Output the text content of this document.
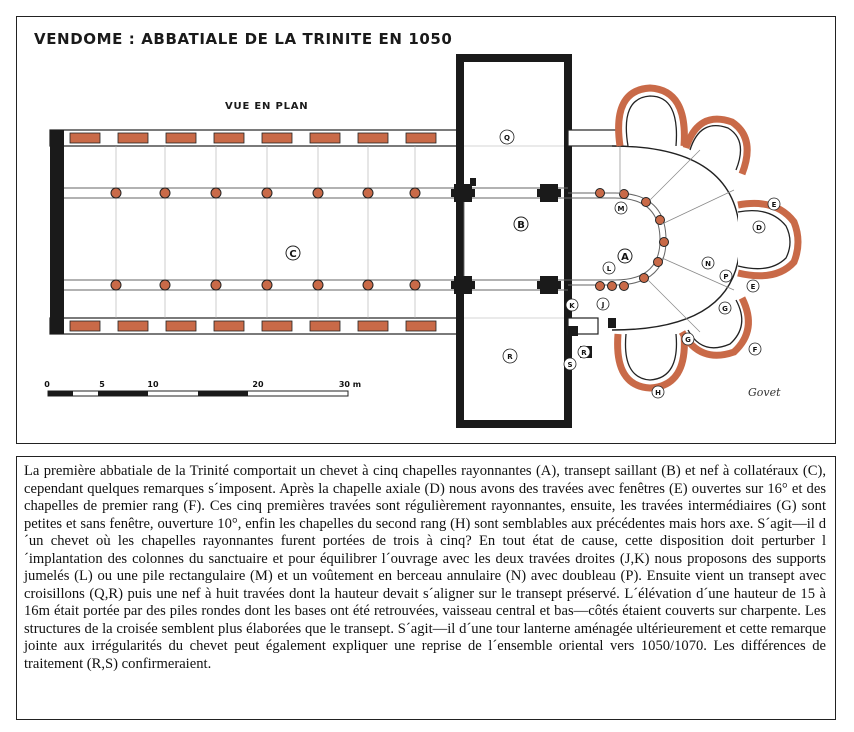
VENDOME : ABBATIALE DE LA TRINITE EN 1050
VUE EN PLAN
Q
B
C
R
A
M
L
D
E
E
F
N
P
G
G
H
K	J
R
S
0	5	10	20	30 m
Govet

La première abbatiale de la Trinité comportait un chevet à cinq chapelles rayonnantes (A), transept saillant (B) et nef à collatéraux (C), cependant quelques remarques s´imposent. Après la chapelle axiale (D) nous avons des travées avec fenêtres (E) ouvertes sur 16° et des chapelles de premier rang (F). Ces cinq premières travées sont régulièrement rayonnantes, ensuite, les travées intermédiaires (G) sont petites et sans fenêtre, ouverture 10°, enfin les chapelles du second rang (H) sont semblables aux précédentes mais hors axe. S´agit—il d´un chevet où les chapelles rayonnantes furent portées de trois à cinq? En tout état de cause, cette disposition doit perturber l´implantation des colonnes du sanctuaire et pour équilibrer l´ouvrage avec les deux travées droites (J,K) nous proposons des supports jumelés (L) ou une pile rectangulaire (M) et un voûtement en berceau annulaire (N) avec doubleau (P). Ensuite vient un transept avec croisillons (Q,R) puis une nef à huit travées dont la hauteur devait s´aligner sur le transept préservé. L´élévation d´une hauteur de 15 à 16m était portée par des piles rondes dont les bases ont été retrouvées, vaisseau central et bas—côtés étaient couverts sur charpente. Les structures de la croisée semblent plus élaborées que le transept. S´agit—il d´une tour lanterne aménagée ultérieurement et cette remarque jointe aux irrégularités du chevet peut également expliquer une reprise de l´ensemble oriental vers 1050/1070. Les différences de traitement (R,S) confirmeraient.
